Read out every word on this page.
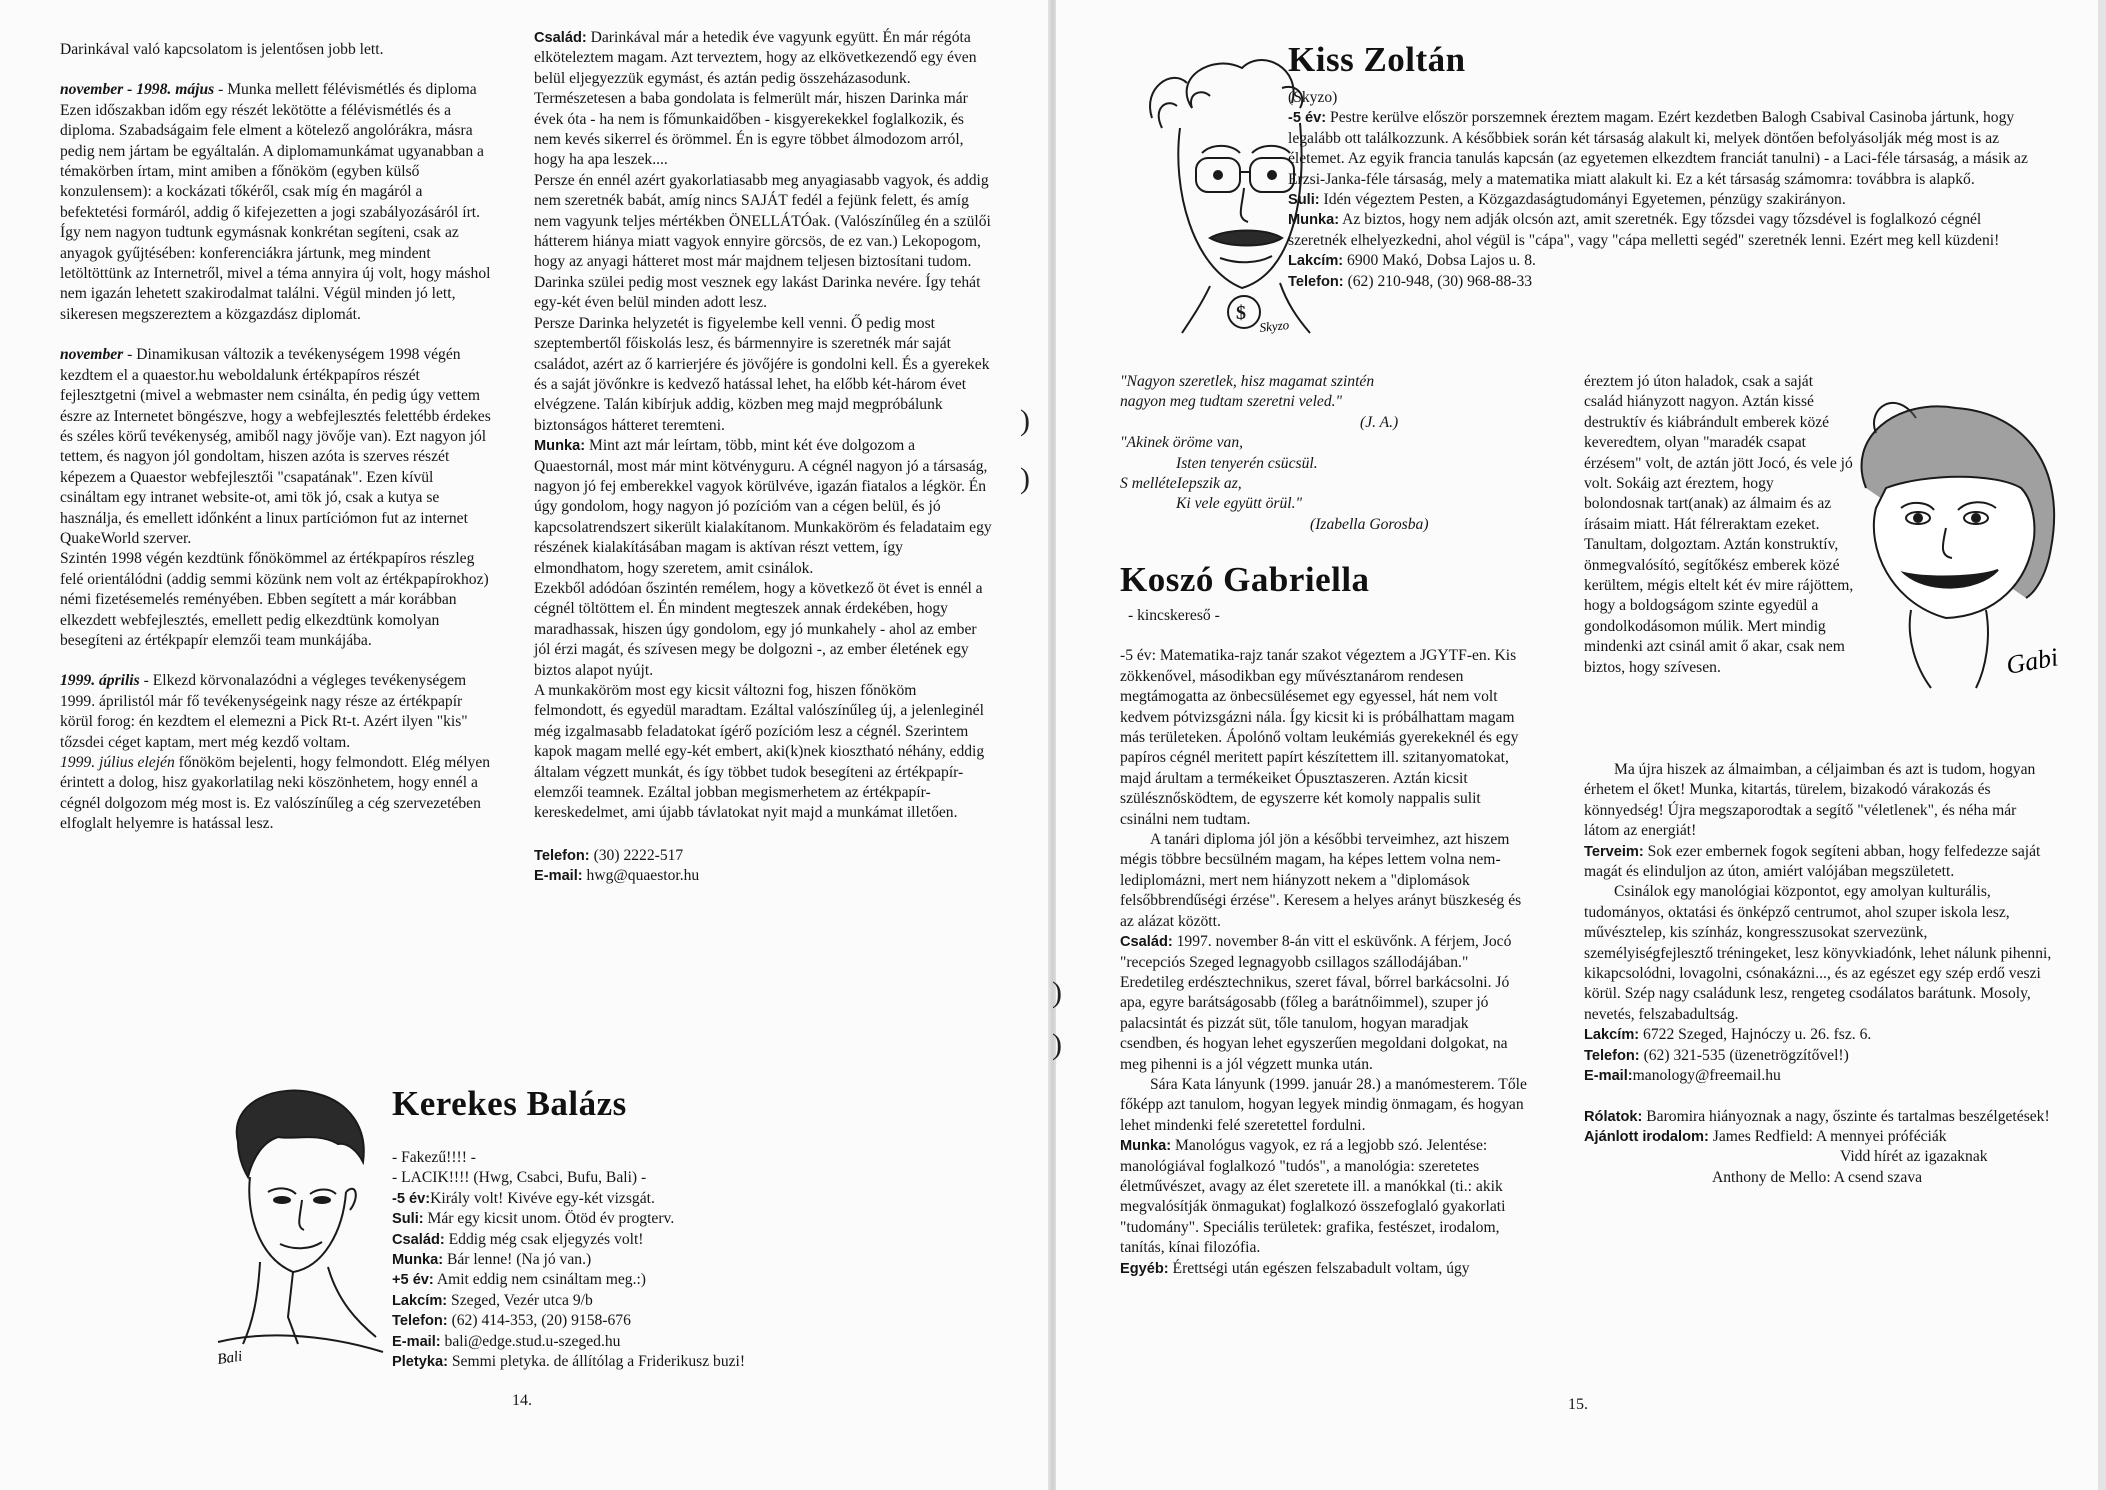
Darinkával való kapcsolatom is jelentősen jobb lett.

november - 1998. május - Munka mellett félévismétlés és diploma

Ezen időszakban időm egy részét lekötötte a félévismétlés és a diploma. Szabadságaim fele elment a kötelező angolórákra, másra pedig nem jártam be egyáltalán. A diplomamunkámat ugyanabban a témakörben írtam, mint amiben a főnököm (egyben külső konzulensem): a kockázati tőkéről, csak míg én magáról a befektetési formáról, addig ő kifejezetten a jogi szabályozásáról írt. Így nem nagyon tudtunk egymásnak konkrétan segíteni, csak az anyagok gyűjtésében: konferenciákra jártunk, meg mindent letöltöttünk az Internetről, mivel a téma annyira új volt, hogy máshol nem igazán lehetett szakirodalmat találni. Végül minden jó lett, sikeresen megszereztem a közgazdász diplomát.

november - Dinamikusan változik a tevékenységem 1998 végén kezdtem el a quaestor.hu weboldalunk értékpapíros részét fejlesztgetni (mivel a webmaster nem csinálta, én pedig úgy vettem észre az Internetet böngészve, hogy a webfejlesztés felettébb érdekes és széles körű tevékenység, amiből nagy jövője van). Ezt nagyon jól tettem, és nagyon jól gondoltam, hiszen azóta is szerves részét képezem a Quaestor webfejlesztői "csapatának". Ezen kívül csináltam egy intranet website-ot, ami tök jó, csak a kutya se használja, és emellett időnként a linux partíciómon fut az internet QuakeWorld szerver.

Szintén 1998 végén kezdtünk főnökömmel az értékpapíros részleg felé orientálódni (addig semmi közünk nem volt az értékpapírokhoz) némi fizetésemelés reményében. Ebben segített a már korábban elkezdett webfejlesztés, emellett pedig elkezdtünk komolyan besegíteni az értékpapír elemzői team munkájába.

1999. április - Elkezd körvonalazódni a végleges tevékenységem

1999. áprilistól már fő tevékenységeink nagy része az értékpapír körül forog: én kezdtem el elemezni a Pick Rt-t. Azért ilyen "kis" tőzsdei céget kaptam, mert még kezdő voltam.

1999. július elején főnököm bejelenti, hogy felmondott. Elég mélyen érintett a dolog, hisz gyakorlatilag neki köszönhetem, hogy ennél a cégnél dolgozom még most is. Ez valószínűleg a cég szervezetében elfoglalt helyemre is hatással lesz.

Család: Darinkával már a hetedik éve vagyunk együtt. Én már régóta elköteleztem magam. Azt terveztem, hogy az elkövetkezendő egy éven belül eljegyezzük egymást, és aztán pedig összeházasodunk.

Természetesen a baba gondolata is felmerült már, hiszen Darinka már évek óta - ha nem is főmunkaidőben - kisgyerekekkel foglalkozik, és nem kevés sikerrel és örömmel. Én is egyre többet álmodozom arról, hogy ha apa leszek....

Persze én ennél azért gyakorlatiasabb meg anyagiasabb vagyok, és addig nem szeretnék babát, amíg nincs SAJÁT fedél a fejünk felett, és amíg nem vagyunk teljes mértékben ÖNELLÁTÓak. (Valószínűleg én a szülői hátterem hiánya miatt vagyok ennyire görcsös, de ez van.) Lekopogom, hogy az anyagi hátteret most már majdnem teljesen biztosítani tudom. Darinka szülei pedig most vesznek egy lakást Darinka nevére. Így tehát egy-két éven belül minden adott lesz.

Persze Darinka helyzetét is figyelembe kell venni. Ő pedig most szeptembertől főiskolás lesz, és bármennyire is szeretnék már saját családot, azért az ő karrierjére és jövőjére is gondolni kell. És a gyerekek és a saját jövőnkre is kedvező hatással lehet, ha előbb két-három évet elvégzene. Talán kibírjuk addig, közben meg majd megpróbálunk biztonságos hátteret teremteni.

Munka: Mint azt már leírtam, több, mint két éve dolgozom a Quaestornál, most már mint kötvényguru. A cégnél nagyon jó a társaság, nagyon jó fej emberekkel vagyok körülvéve, igazán fiatalos a légkör. Én úgy gondolom, hogy nagyon jó pozícióm van a cégen belül, és jó kapcsolatrendszert sikerült kialakítanom. Munkaköröm és feladataim egy részének kialakításában magam is aktívan részt vettem, így elmondhatom, hogy szeretem, amit csinálok.

Ezekből adódóan őszintén remélem, hogy a következő öt évet is ennél a cégnél töltöttem el. Én mindent megteszek annak érdekében, hogy maradhassak, hiszen úgy gondolom, egy jó munkahely - ahol az ember jól érzi magát, és szívesen megy be dolgozni -, az ember életének egy biztos alapot nyújt.

A munkaköröm most egy kicsit változni fog, hiszen főnököm felmondott, és egyedül maradtam. Ezáltal valószínűleg új, a jelenleginél még izgalmasabb feladatokat ígérő pozícióm lesz a cégnél. Szerintem kapok magam mellé egy-két embert, aki(k)nek kiosztható néhány, eddig általam végzett munkát, és így többet tudok besegíteni az értékpapír-elemzői teamnek. Ezáltal jobban megismerhetem az értékpapír-kereskedelmet, ami újabb távlatokat nyit majd a munkámat illetően.

Telefon: (30) 2222-517

E-mail: hwg@quaestor.hu

Bali
Kerekes Balázs

- Fakezű!!!! -

- LACIK!!!! (Hwg, Csabci, Bufu, Bali) -

-5 év:Király volt! Kivéve egy-két vizsgát.

Suli: Már egy kicsit unom. Ötöd év progterv.

Család: Eddig még csak eljegyzés volt!

Munka: Bár lenne! (Na jó van.)

+5 év: Amit eddig nem csináltam meg.:)

Lakcím: Szeged, Vezér utca 9/b

Telefon: (62) 414-353, (20) 9158-676

E-mail: bali@edge.stud.u-szeged.hu

Pletyka: Semmi pletyka. de állítólag a Friderikusz buzi!

14.
)
)
)
)
$
Skyzo
Kiss Zoltán

(Skyzo)

-5 év: Pestre kerülve először porszemnek éreztem magam. Ezért kezdetben Balogh Csabival Casinoba jártunk, hogy legalább ott találkozzunk. A későbbiek során két társaság alakult ki, melyek döntően befolyásolják még most is az életemet. Az egyik francia tanulás kapcsán (az egyetemen elkezdtem franciát tanulni) - a Laci-féle társaság, a másik az Erzsi-Janka-féle társaság, mely a matematika miatt alakult ki. Ez a két társaság számomra: továbbra is alapkő.

Suli: Idén végeztem Pesten, a Közgazdaságtudományi Egyetemen, pénzügy szakirányon.

Munka: Az biztos, hogy nem adják olcsón azt, amit szeretnék. Egy tőzsdei vagy tőzsdével is foglalkozó cégnél szeretnék elhelyezkedni, ahol végül is "cápa", vagy "cápa melletti segéd" szeretnék lenni. Ezért meg kell küzdeni!

Lakcím: 6900 Makó, Dobsa Lajos u. 8.

Telefon: (62) 210-948, (30) 968-88-33

"Nagyon szeretlek, hisz magamat szintén

nagyon meg tudtam szeretni veled."

(J. A.)

"Akinek öröme van,

Isten tenyerén csücsül.

S melléteIepszik az,

Ki vele együtt örül."

(Izabella Gorosba)

Koszó Gabriella

- kincskereső -

-5 év: Matematika-rajz tanár szakot végeztem a JGYTF-en. Kis zökkenővel, másodikban egy művésztanárom rendesen megtámogatta az önbecsülésemet egy egyessel, hát nem volt kedvem pótvizsgázni nála. Így kicsit ki is próbálhattam magam más területeken. Ápolónő voltam leukémiás gyerekeknél és egy papíros cégnél meritett papírt készítettem ill. szitanyomatokat, majd árultam a termékeiket Ópusztaszeren. Aztán kicsit szülésznősködtem, de egyszerre két komoly nappalis sulit csinálni nem tudtam.

A tanári diploma jól jön a későbbi terveimhez, azt hiszem mégis többre becsülném magam, ha képes lettem volna nem-lediplomázni, mert nem hiányzott nekem a "diplomások felsőbbrendűségi érzése". Keresem a helyes arányt büszkeség és az alázat között.

Család: 1997. november 8-án vitt el esküvőnk. A férjem, Jocó "recepciós Szeged legnagyobb csillagos szállodájában." Eredetileg erdésztechnikus, szeret fával, bőrrel barkácsolni. Jó apa, egyre barátságosabb (főleg a barátnőimmel), szuper jó palacsintát és pizzát süt, tőle tanulom, hogyan maradjak csendben, és hogyan lehet egyszerűen megoldani dolgokat, na meg pihenni is a jól végzett munka után.

Sára Kata lányunk (1999. január 28.) a manómesterem. Tőle főképp azt tanulom, hogyan legyek mindig önmagam, és hogyan lehet mindenki felé szeretettel fordulni.

Munka: Manológus vagyok, ez rá a legjobb szó. Jelentése: manológiával foglalkozó "tudós", a manológia: szeretetes életművészet, avagy az élet szeretete ill. a manókkal (ti.: akik megvalósítják önmagukat) foglalkozó összefoglaló gyakorlati "tudomány". Speciális területek: grafika, festészet, irodalom, tanítás, kínai filozófia.

Egyéb: Érettségi után egészen felszabadult voltam, úgy

Gabi

éreztem jó úton haladok, csak a saját család hiányzott nagyon. Aztán kissé destruktív és kiábrándult emberek közé keveredtem, olyan "maradék csapat érzésem" volt, de aztán jött Jocó, és vele jó volt. Sokáig azt éreztem, hogy bolondosnak tart(anak) az álmaim és az írásaim miatt. Hát félreraktam ezeket. Tanultam, dolgoztam. Aztán konstruktív, önmegvalósító, segítőkész emberek közé kerültem, mégis eltelt két év mire rájöttem, hogy a boldogságom szinte egyedül a gondolkodásomon múlik. Mert mindig mindenki azt csinál amit ő akar, csak nem biztos, hogy szívesen.

Ma újra hiszek az álmaimban, a céljaimban és azt is tudom, hogyan érhetem el őket! Munka, kitartás, türelem, bizakodó várakozás és könnyedség! Újra megszaporodtak a segítő "véletlenek", és néha már látom az energiát!

Terveim: Sok ezer embernek fogok segíteni abban, hogy felfedezze saját magát és elinduljon az úton, amiért valójában megszületett.

Csinálok egy manológiai központot, egy amolyan kulturális, tudományos, oktatási és önképző centrumot, ahol szuper iskola lesz, művésztelep, kis színház, kongresszusokat szervezünk, személyiségfejlesztő tréningeket, lesz könyvkiadónk, lehet nálunk pihenni, kikapcsolódni, lovagolni, csónakázni..., és az egészet egy szép erdő veszi körül. Szép nagy családunk lesz, rengeteg csodálatos barátunk. Mosoly, nevetés, felszabadultság.

Lakcím: 6722 Szeged, Hajnóczy u. 26. fsz. 6.

Telefon: (62) 321-535 (üzenetrögzítővel!)

E-mail:manology@freemail.hu

Rólatok: Baromira hiányoznak a nagy, őszinte és tartalmas beszélgetések!

Ajánlott irodalom: James Redfield: A mennyei próféciák

Vidd hírét az igazaknak

Anthony de Mello: A csend szava

15.
